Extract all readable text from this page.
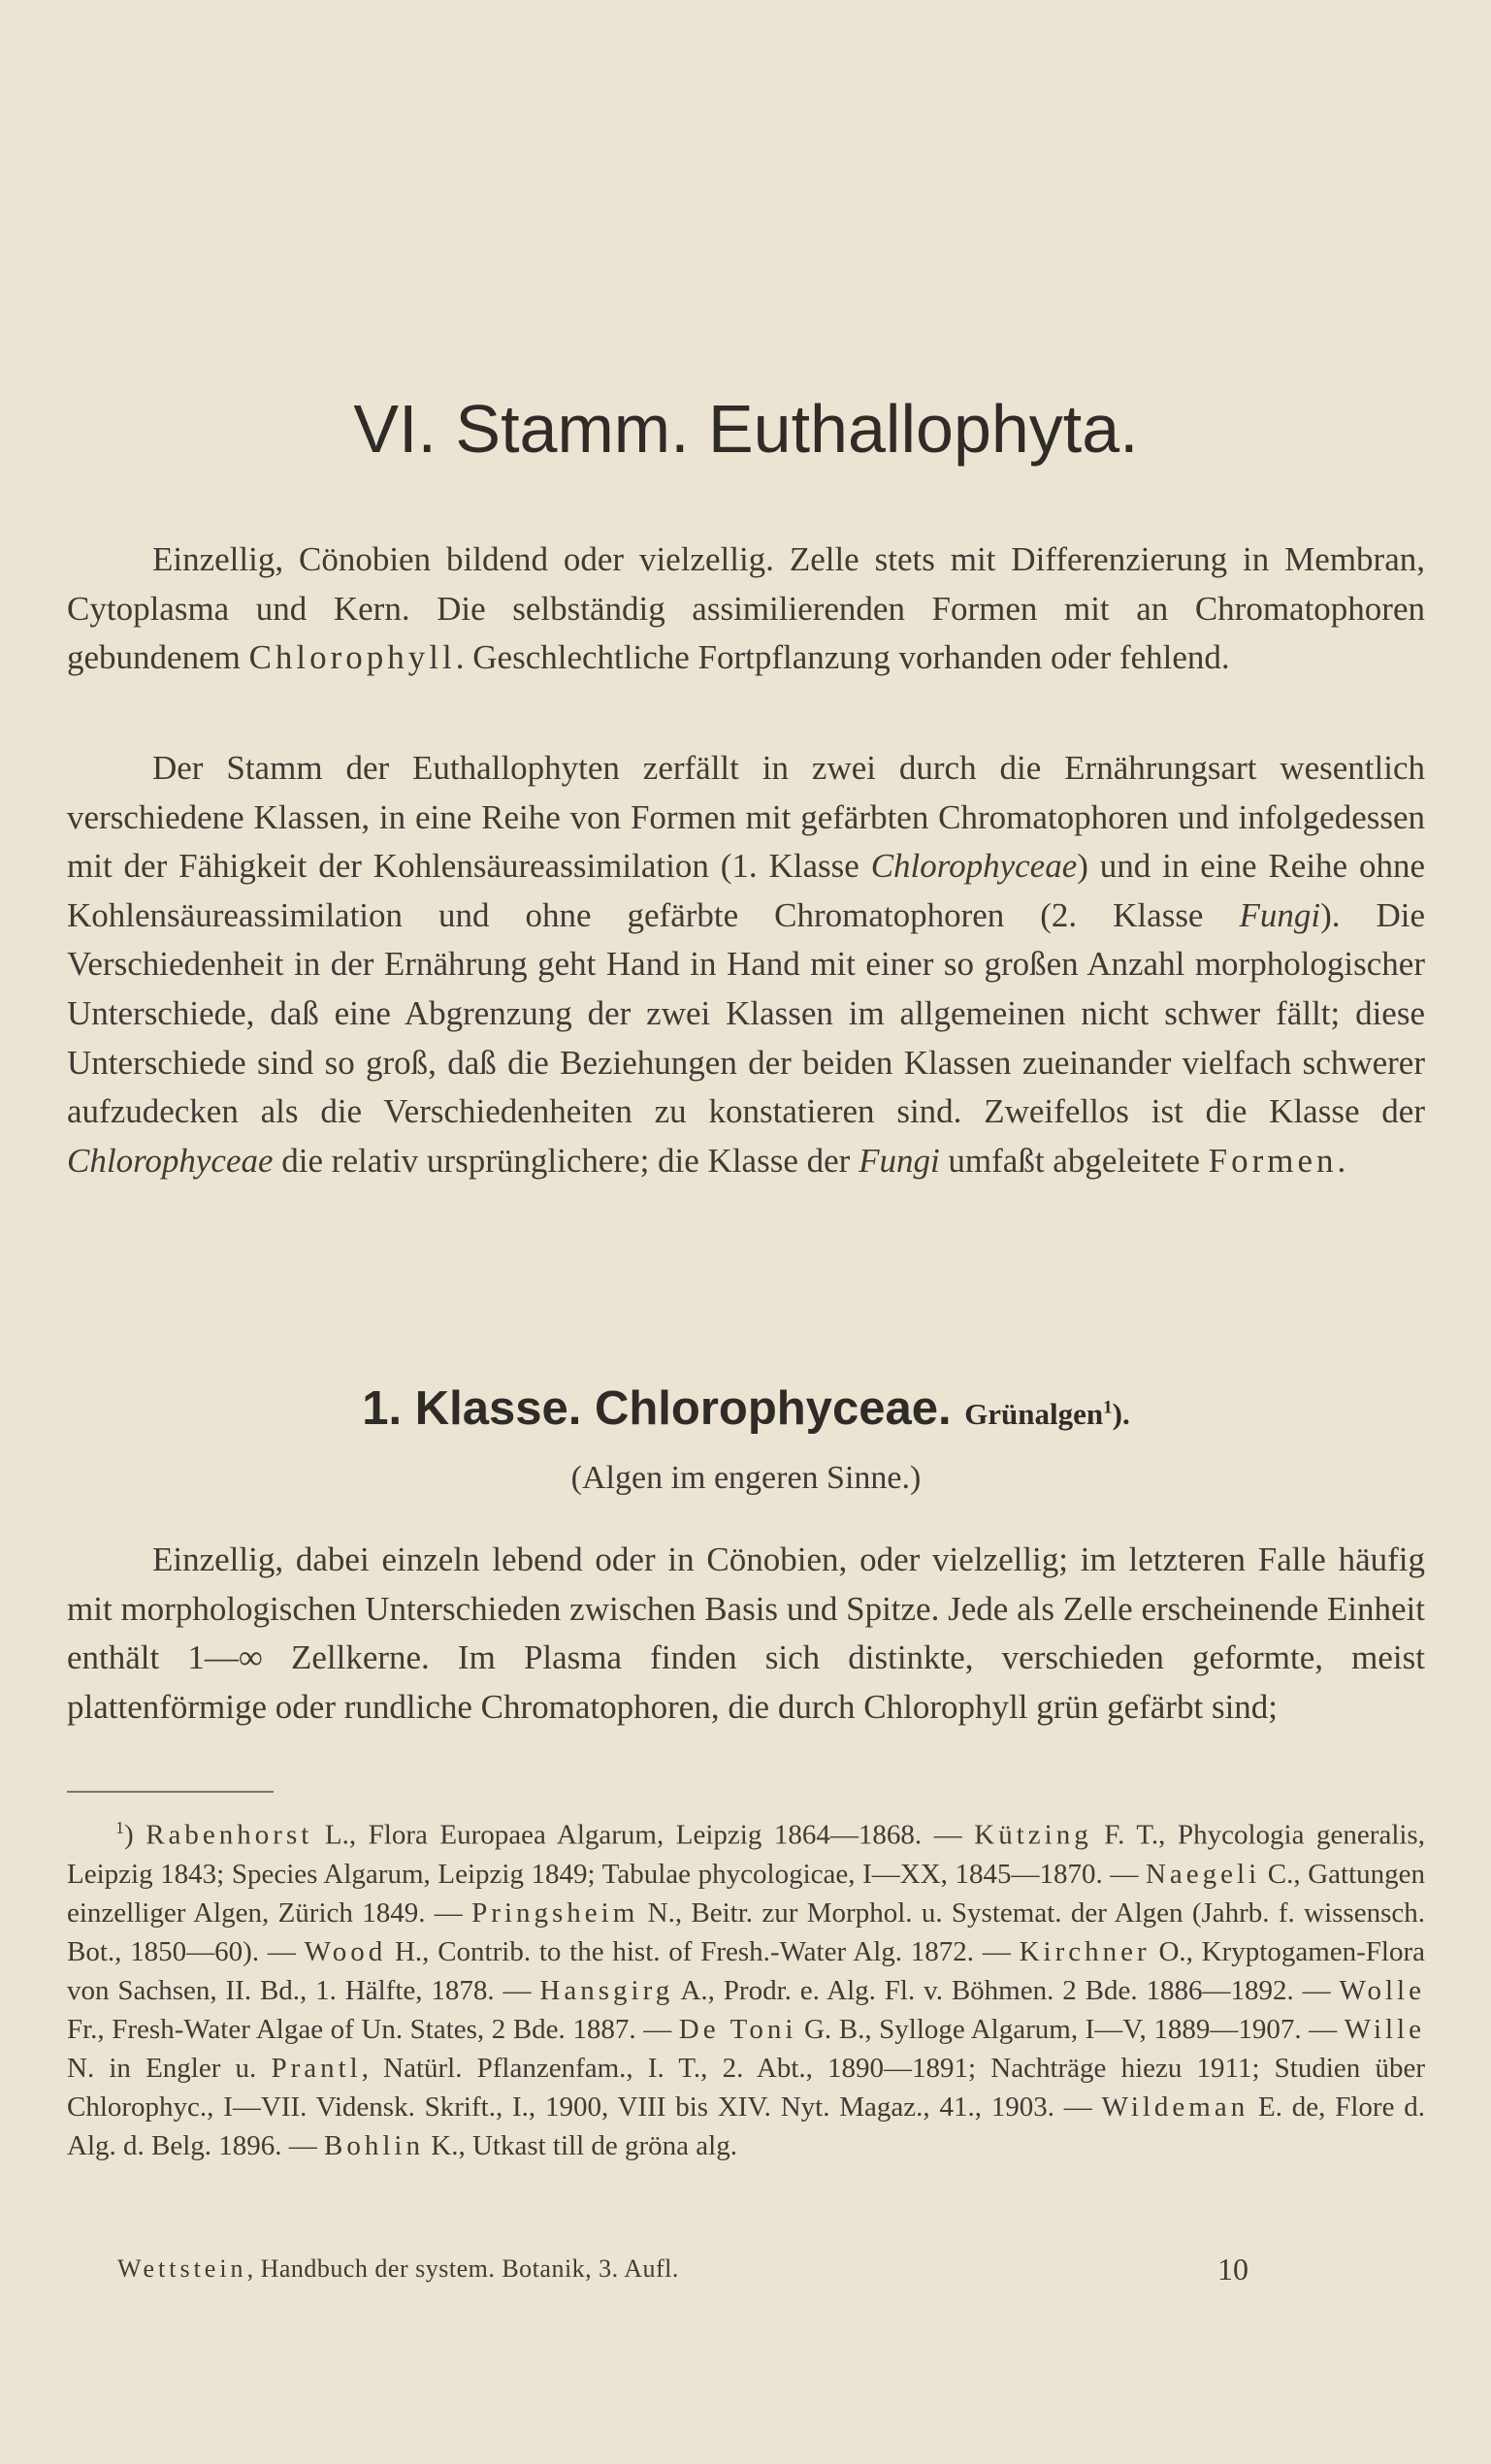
VI. Stamm. Euthallophyta.

Einzellig, Cönobien bildend oder vielzellig. Zelle stets mit Differenzierung in Membran, Cytoplasma und Kern. Die selbständig assimilierenden Formen mit an Chromatophoren gebundenem Chlorophyll. Geschlechtliche Fortpflanzung vorhanden oder fehlend.

Der Stamm der Euthallophyten zerfällt in zwei durch die Ernährungsart wesentlich verschiedene Klassen, in eine Reihe von Formen mit gefärbten Chromatophoren und infolgedessen mit der Fähigkeit der Kohlensäureassimilation (1. Klasse Chlorophyceae) und in eine Reihe ohne Kohlensäureassimilation und ohne gefärbte Chromatophoren (2. Klasse Fungi). Die Verschiedenheit in der Ernährung geht Hand in Hand mit einer so großen Anzahl morphologischer Unterschiede, daß eine Abgrenzung der zwei Klassen im allgemeinen nicht schwer fällt; diese Unterschiede sind so groß, daß die Beziehungen der beiden Klassen zueinander vielfach schwerer aufzudecken als die Verschiedenheiten zu konstatieren sind. Zweifellos ist die Klasse der Chlorophyceae die relativ ursprünglichere; die Klasse der Fungi umfaßt abgeleitete Formen.

1. Klasse. Chlorophyceae. Grünalgen$^1$).

(Algen im engeren Sinne.)

Einzellig, dabei einzeln lebend oder in Cönobien, oder vielzellig; im letzteren Falle häufig mit morphologischen Unterschieden zwischen Basis und Spitze. Jede als Zelle erscheinende Einheit enthält 1—∞ Zellkerne. Im Plasma finden sich distinkte, verschieden geformte, meist plattenförmige oder rundliche Chromatophoren, die durch Chlorophyll grün gefärbt sind;

$^1$) Rabenhorst L., Flora Europaea Algarum, Leipzig 1864—1868. — Kützing F. T., Phycologia generalis, Leipzig 1843; Species Algarum, Leipzig 1849; Tabulae phycologicae, I—XX, 1845—1870. — Naegeli C., Gattungen einzelliger Algen, Zürich 1849. — Pringsheim N., Beitr. zur Morphol. u. Systemat. der Algen (Jahrb. f. wissensch. Bot., 1850—60). — Wood H., Contrib. to the hist. of Fresh.-Water Alg. 1872. — Kirchner O., Kryptogamen-Flora von Sachsen, II. Bd., 1. Hälfte, 1878. — Hansgirg A., Prodr. e. Alg. Fl. v. Böhmen. 2 Bde. 1886—1892. — Wolle Fr., Fresh-Water Algae of Un. States, 2 Bde. 1887. — De Toni G. B., Sylloge Algarum, I—V, 1889—1907. — Wille N. in Engler u. Prantl, Natürl. Pflanzenfam., I. T., 2. Abt., 1890—1891; Nachträge hiezu 1911; Studien über Chlorophyc., I—VII. Vidensk. Skrift., I., 1900, VIII bis XIV. Nyt. Magaz., 41., 1903. — Wildeman E. de, Flore d. Alg. d. Belg. 1896. — Bohlin K., Utkast till de gröna alg.

Wettstein, Handbuch der system. Botanik, 3. Aufl.	10
